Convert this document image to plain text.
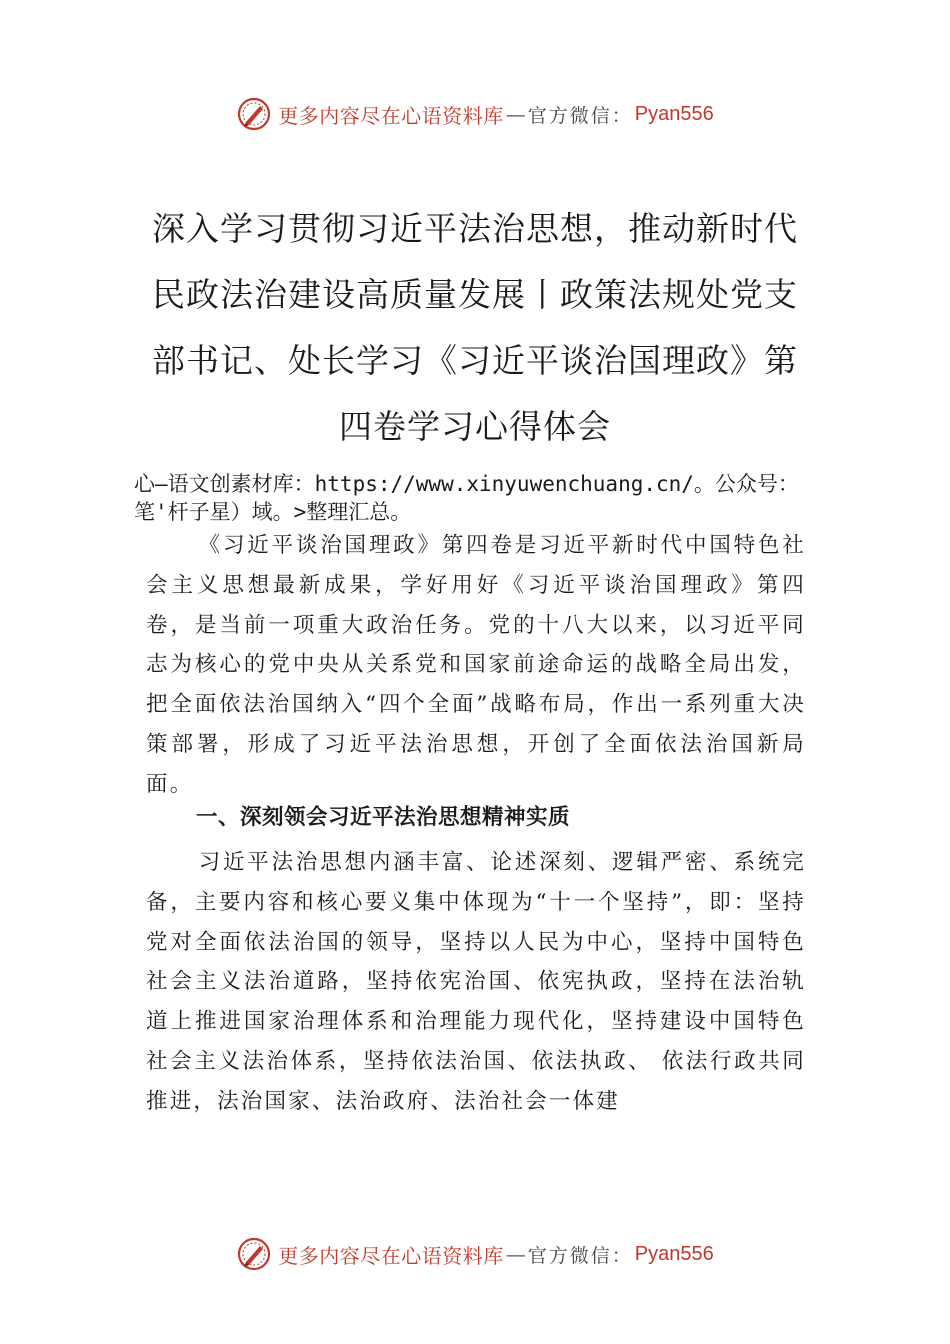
更多内容尽在心语资料库 — 官方微信： Pyan556
深入学习贯彻习近平法治思想，推动新时代民政法治建设高质量发展丨政策法规处党支部书记、处长学习《习近平谈治国理政》第四卷学习心得体会

心—语文创素材库：https://www.xinyuwenchuang.cn/。公众号：笔'杆子星）域。>整理汇总。

《习近平谈治国理政》第四卷是习近平新时代中国特色社会主义思想最新成果，学好用好《习近平谈治国理政》第四卷，是当前一项重大政治任务。党的十八大以来，以习近平同志为核心的党中央从关系党和国家前途命运的战略全局出发，把全面依法治国纳入“四个全面”战略布局，作出一系列重大决策部署，形成了习近平法治思想，开创了全面依法治国新局面。

一、深刻领会习近平法治思想精神实质

习近平法治思想内涵丰富、论述深刻、逻辑严密、系统完备，主要内容和核心要义集中体现为“十一个坚持”，即：坚持党对全面依法治国的领导，坚持以人民为中心，坚持中国特色社会主义法治道路，坚持依宪治国、依宪执政，坚持在法治轨道上推进国家治理体系和治理能力现代化，坚持建设中国特色社会主义法治体系，坚持依法治国、依法执政、 依法行政共同推进，法治国家、法治政府、法治社会一体建

更多内容尽在心语资料库 — 官方微信： Pyan556
